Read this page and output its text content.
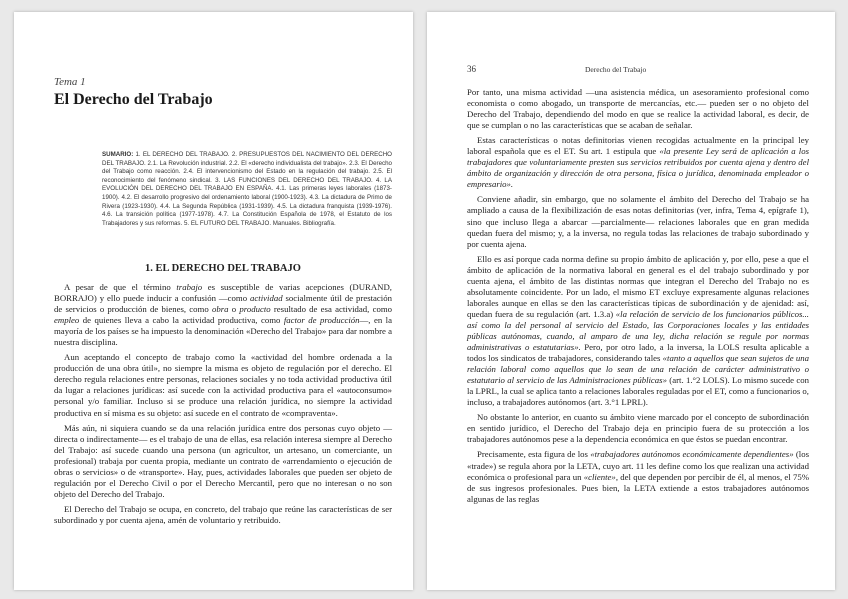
Tema 1
El Derecho del Trabajo
SUMARIO: 1. EL DERECHO DEL TRABAJO. 2. PRESUPUESTOS DEL NACIMIENTO DEL DERECHO DEL TRABAJO. 2.1. La Revolución industrial. 2.2. El «derecho individualista del trabajo». 2.3. El Derecho del Trabajo como reacción. 2.4. El intervencionismo del Estado en la regulación del trabajo. 2.5. El reconocimiento del fenómeno sindical. 3. LAS FUNCIONES DEL DERECHO DEL TRABAJO. 4. LA EVOLUCIÓN DEL DERECHO DEL TRABAJO EN ESPAÑA. 4.1. Las primeras leyes laborales (1873-1900). 4.2. El desarrollo progresivo del ordenamiento laboral (1900-1923). 4.3. La dictadura de Primo de Rivera (1923-1930). 4.4. La Segunda República (1931-1939). 4.5. La dictadura franquista (1939-1976). 4.6. La transición política (1977-1978). 4.7. La Constitución Española de 1978, el Estatuto de los Trabajadores y sus reformas. 5. EL FUTURO DEL TRABAJO. Manuales. Bibliografía.
1. EL DERECHO DEL TRABAJO

A pesar de que el término trabajo es susceptible de varias acepciones (DURAND, BORRAJO) y ello puede inducir a confusión —como actividad socialmente útil de prestación de servicios o producción de bienes, como obra o producto resultado de esa actividad, como empleo de quienes lleva a cabo la actividad productiva, como factor de producción—, en la mayoría de los países se ha impuesto la denominación «Derecho del Trabajo» para dar nombre a nuestra disciplina.

Aun aceptando el concepto de trabajo como la «actividad del hombre ordenada a la producción de una obra útil», no siempre la misma es objeto de regulación por el derecho. El derecho regula relaciones entre personas, relaciones sociales y no toda actividad productiva útil da lugar a relaciones jurídicas: así sucede con la actividad productiva para el «autoconsumo» personal y/o familiar. Incluso si se produce una relación jurídica, no siempre la actividad productiva en sí misma es su objeto: así sucede en el contrato de «compraventa».

Más aún, ni siquiera cuando se da una relación jurídica entre dos personas cuyo objeto —directa o indirectamente— es el trabajo de una de ellas, esa relación interesa siempre al Derecho del Trabajo: así sucede cuando una persona (un agricultor, un artesano, un comerciante, un profesional) trabaja por cuenta propia, mediante un contrato de «arrendamiento o ejecución de obras o servicios» o de «transporte». Hay, pues, actividades laborales que pueden ser objeto de regulación por el Derecho Civil o por el Derecho Mercantil, pero que no interesan o no son objeto del Derecho del Trabajo.

El Derecho del Trabajo se ocupa, en concreto, del trabajo que reúne las características de ser subordinado y por cuenta ajena, amén de voluntario y retribuido.

36	Derecho del Trabajo

Por tanto, una misma actividad —una asistencia médica, un asesoramiento profesional como economista o como abogado, un transporte de mercancías, etc.— pueden ser o no objeto del Derecho del Trabajo, dependiendo del modo en que se realice la actividad laboral, es decir, de que se cumplan o no las características que se acaban de señalar.

Estas características o notas definitorias vienen recogidas actualmente en la principal ley laboral española que es el ET. Su art. 1 estipula que «la presente Ley será de aplicación a los trabajadores que voluntariamente presten sus servicios retribuidos por cuenta ajena y dentro del ámbito de organización y dirección de otra persona, física o jurídica, denominada empleador o empresario».

Conviene añadir, sin embargo, que no solamente el ámbito del Derecho del Trabajo se ha ampliado a causa de la flexibilización de esas notas definitorias (ver, infra, Tema 4, epígrafe 1), sino que incluso llega a abarcar —parcialmente— relaciones laborales que en gran medida quedan fuera del mismo; y, a la inversa, no regula todas las relaciones de trabajo subordinado y por cuenta ajena.

Ello es así porque cada norma define su propio ámbito de aplicación y, por ello, pese a que el ámbito de aplicación de la normativa laboral en general es el del trabajo subordinado y por cuenta ajena, el ámbito de las distintas normas que integran el Derecho del Trabajo no es absolutamente coincidente. Por un lado, el mismo ET excluye expresamente algunas relaciones laborales aunque en ellas se den las características típicas de subordinación y de ajenidad: así, quedan fuera de su regulación (art. 1.3.a) «la relación de servicio de los funcionarios públicos... así como la del personal al servicio del Estado, las Corporaciones locales y las entidades públicas autónomas, cuando, al amparo de una ley, dicha relación se regule por normas administrativas o estatutarias». Pero, por otro lado, a la inversa, la LOLS resulta aplicable a todos los sindicatos de trabajadores, considerando tales «tanto a aquellos que sean sujetos de una relación laboral como aquellos que lo sean de una relación de carácter administrativo o estatutario al servicio de las Administraciones públicas» (art. 1.°2 LOLS). Lo mismo sucede con la LPRL, la cual se aplica tanto a relaciones laborales reguladas por el ET, como a funcionarios o, incluso, a trabajadores autónomos (art. 3.°1 LPRL).

No obstante lo anterior, en cuanto su ámbito viene marcado por el concepto de subordinación en sentido jurídico, el Derecho del Trabajo deja en principio fuera de su protección a los trabajadores autónomos pese a la dependencia económica en que éstos se puedan encontrar.

Precisamente, esta figura de los «trabajadores autónomos económicamente dependientes» (los «trade») se regula ahora por la LETA, cuyo art. 11 les define como los que realizan una actividad económica o profesional para un «cliente», del que dependen por percibir de él, al menos, el 75% de sus ingresos profesionales. Pues bien, la LETA extiende a estos trabajadores autónomos algunas de las reglas
